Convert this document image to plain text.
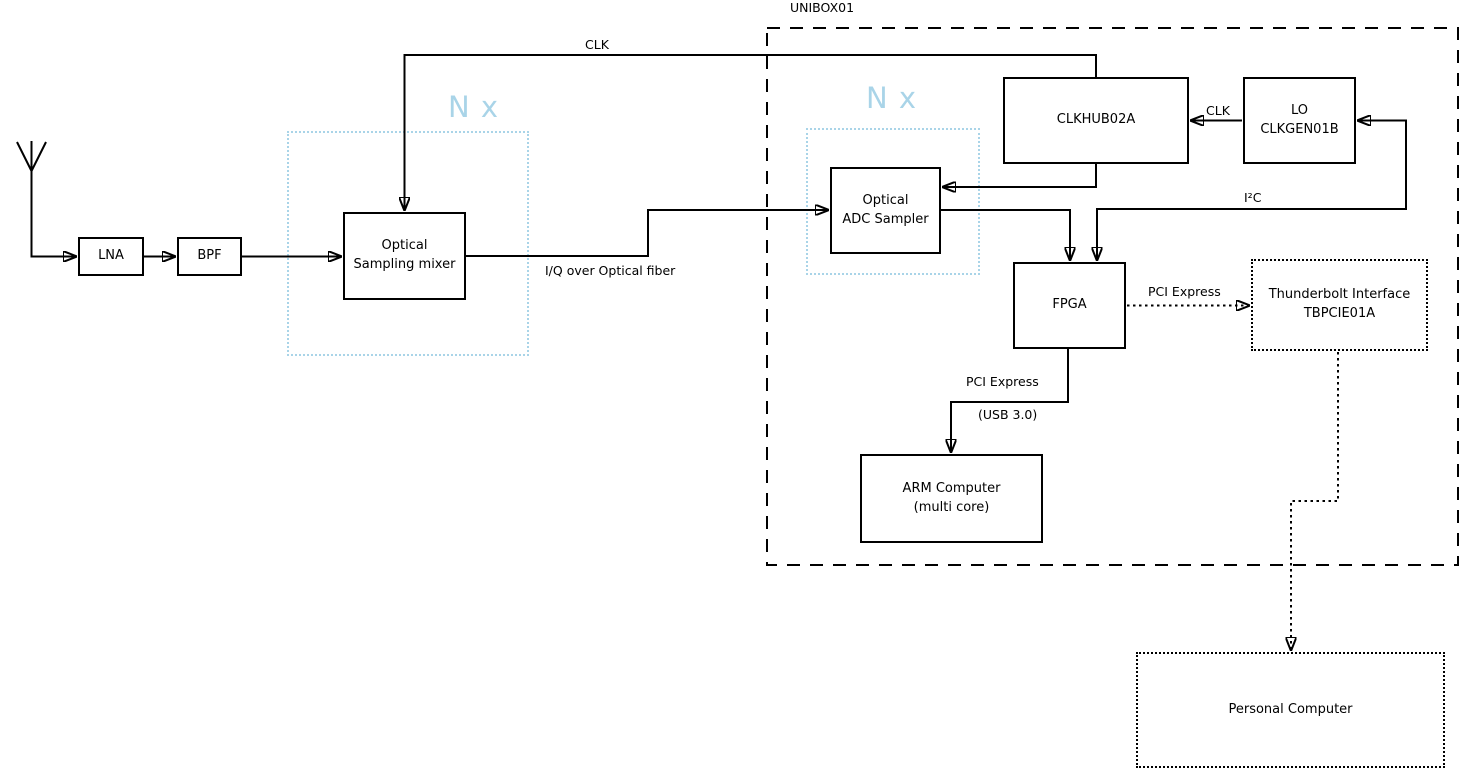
LNA	BPF
Optical
Sampling mixer
Optical
ADC Sampler
CLKHUB02A
LO
CLKGEN01B
FPGA
ARM Computer
(multi core)
Thunderbolt Interface
TBPCIE01A
Personal Computer
UNIBOX01
N x	N x
CLK
CLK
I²C
I/Q over Optical fiber
PCI Express
PCI Express
(USB 3.0)
